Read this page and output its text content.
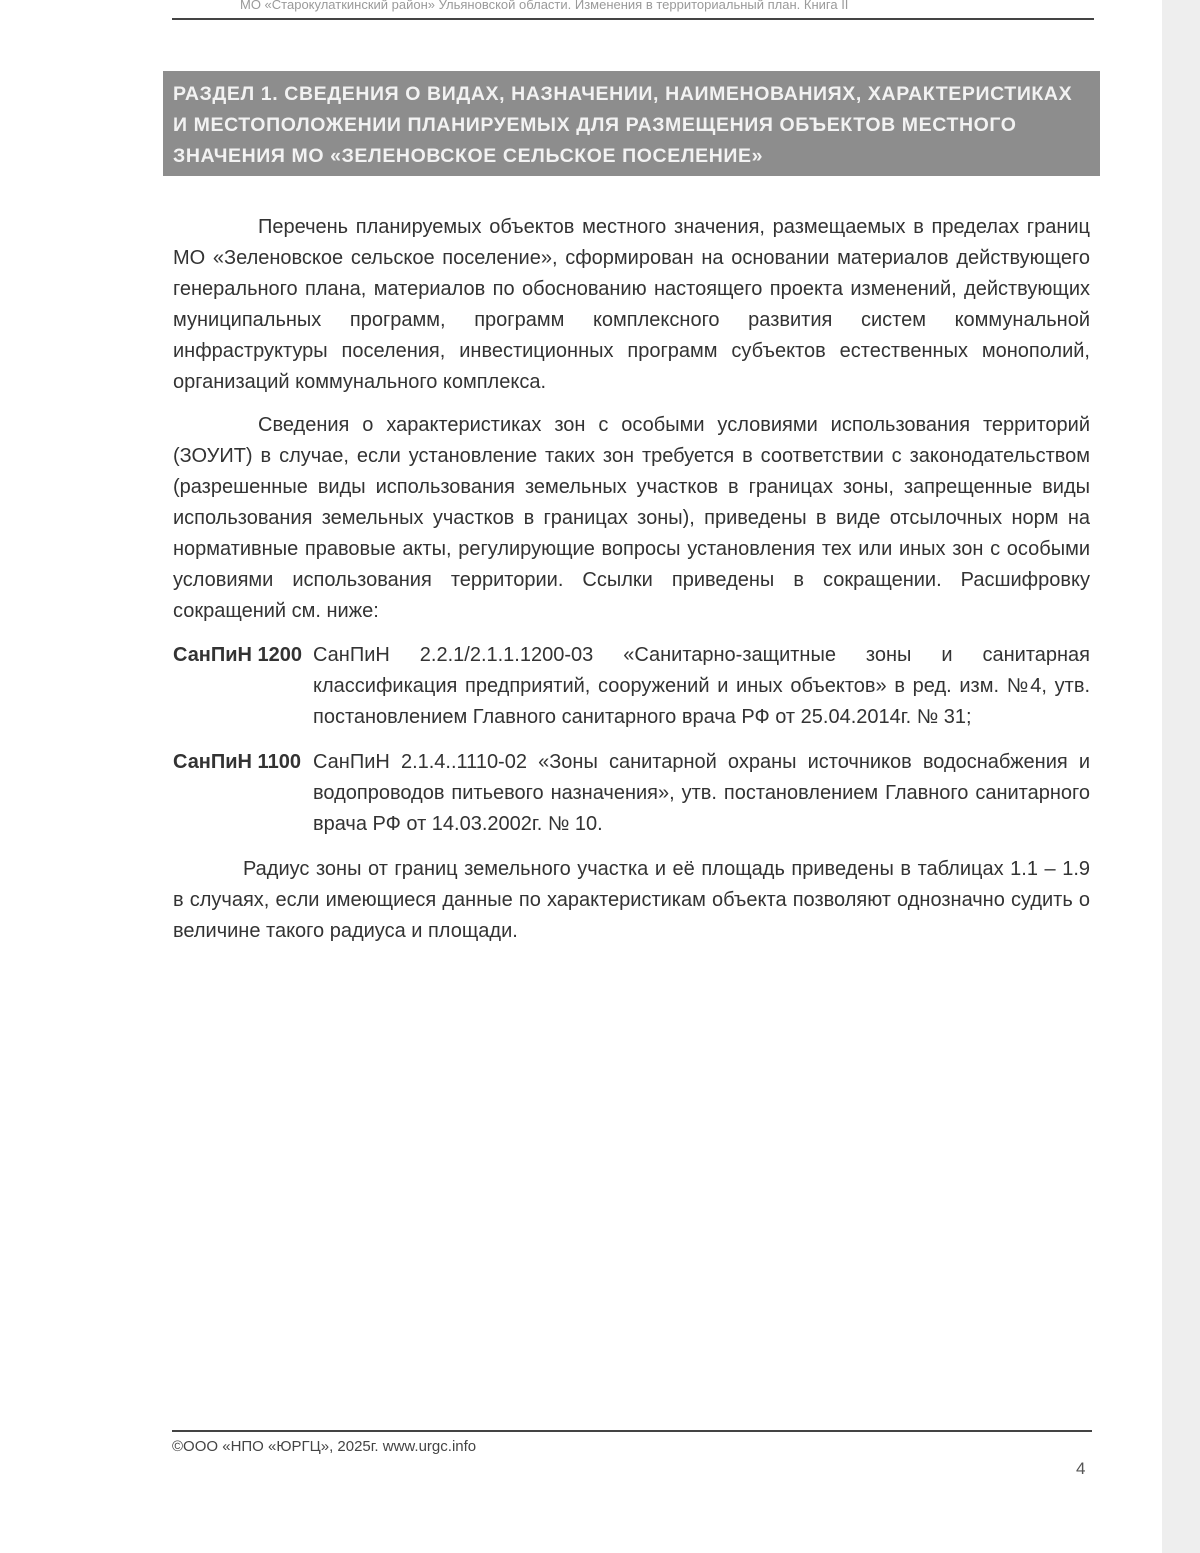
МО «Старокулаткинский район» Ульяновской области. Изменения в территориальный план. Книга II
РАЗДЕЛ 1. СВЕДЕНИЯ О ВИДАХ, НАЗНАЧЕНИИ, НАИМЕНОВАНИЯХ, ХАРАКТЕРИСТИКАХ И МЕСТОПОЛОЖЕНИИ ПЛАНИРУЕМЫХ ДЛЯ РАЗМЕЩЕНИЯ ОБЪЕКТОВ МЕСТНОГО ЗНАЧЕНИЯ МО «ЗЕЛЕНОВСКОЕ СЕЛЬСКОЕ ПОСЕЛЕНИЕ»

Перечень планируемых объектов местного значения, размещаемых в пределах границ МО «Зеленовское сельское поселение», сформирован на основании материалов действующего генерального плана, материалов по обоснованию настоящего проекта изменений, действующих муниципальных программ, программ комплексного развития систем коммунальной инфраструктуры поселения, инвестиционных программ субъектов естественных монополий, организаций коммунального комплекса.

Сведения о характеристиках зон с особыми условиями использования территорий (ЗОУИТ) в случае, если установление таких зон требуется в соответствии с законодательством (разрешенные виды использования земельных участков в границах зоны, запрещенные виды использования земельных участков в границах зоны), приведены в виде отсылочных норм на нормативные правовые акты, регулирующие вопросы установления тех или иных зон с особыми условиями использования территории. Ссылки приведены в сокращении. Расшифровку сокращений см. ниже:

СанПиН 1200 СанПиН 2.2.1/2.1.1.1200-03 «Санитарно-защитные зоны и санитарная классификация предприятий, сооружений и иных объектов» в ред. изм. №4, утв. постановлением Главного санитарного врача РФ от 25.04.2014г. № 31;
СанПиН 1100 СанПиН 2.1.4..1110-02 «Зоны санитарной охраны источников водоснабжения и водопроводов питьевого назначения», утв. постановлением Главного санитарного врача РФ от 14.03.2002г. № 10.

Радиус зоны от границ земельного участка и её площадь приведены в таблицах 1.1 – 1.9 в случаях, если имеющиеся данные по характеристикам объекта позволяют однозначно судить о величине такого радиуса и площади.

©ООО «НПО «ЮРГЦ», 2025г. www.urgc.info
4
